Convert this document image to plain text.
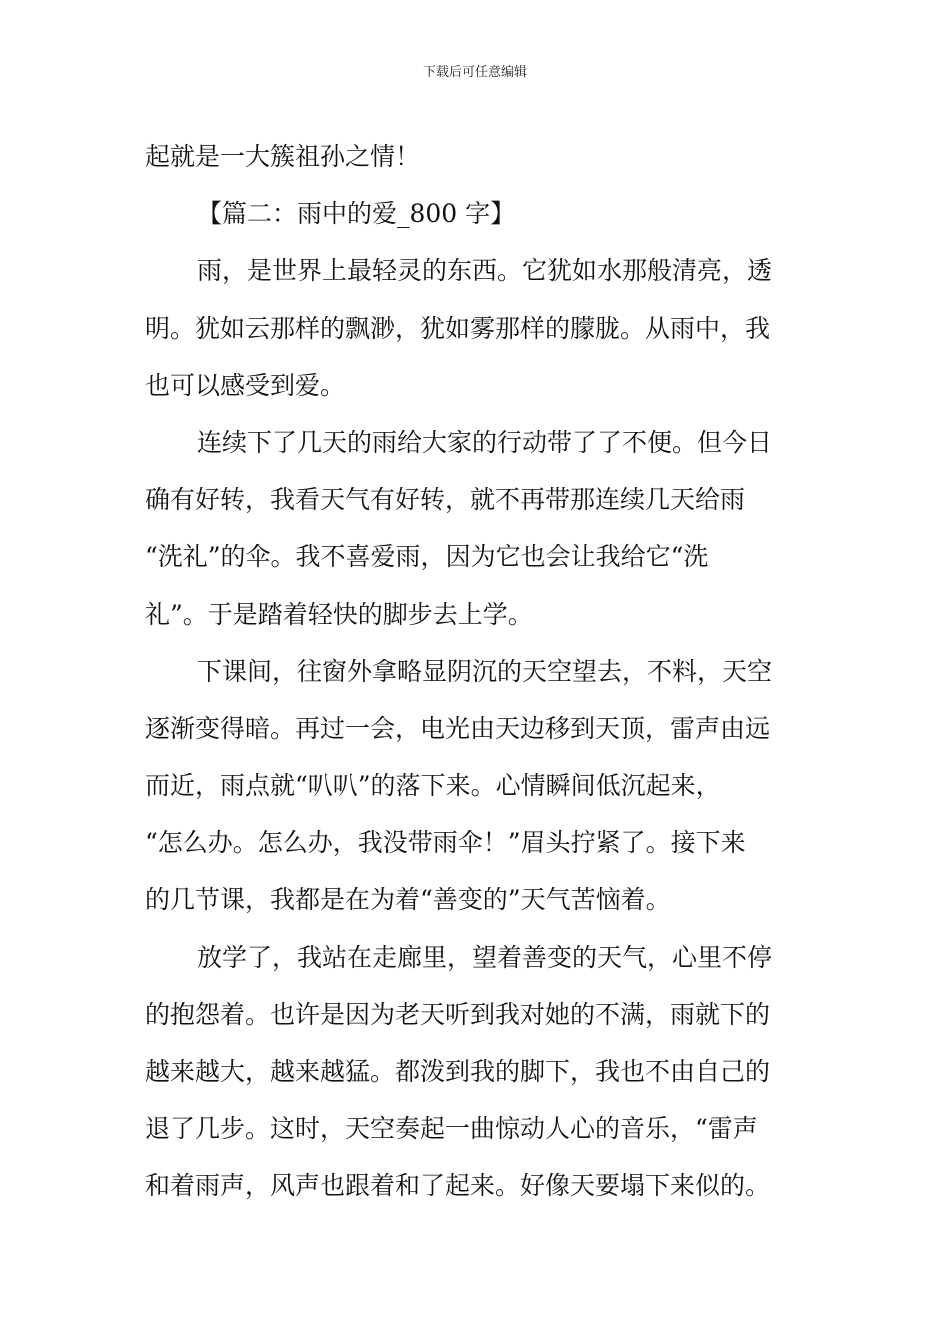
下载后可任意编辑
起就是一大簇祖孙之情！
【篇二：雨中的爱_800 字】
雨，是世界上最轻灵的东西。它犹如水那般清亮，透
明。犹如云那样的飘渺，犹如雾那样的朦胧。从雨中，我
也可以感受到爱。
连续下了几天的雨给大家的行动带了了不便。但今日
确有好转，我看天气有好转，就不再带那连续几天给雨
“洗礼”的伞。我不喜爱雨，因为它也会让我给它“洗
礼”。于是踏着轻快的脚步去上学。
下课间，往窗外拿略显阴沉的天空望去，不料，天空
逐渐变得暗。再过一会，电光由天边移到天顶，雷声由远
而近，雨点就“叭叭”的落下来。心情瞬间低沉起来，
“怎么办。怎么办，我没带雨伞！”眉头拧紧了。接下来
的几节课，我都是在为着“善变的”天气苦恼着。
放学了，我站在走廊里，望着善变的天气，心里不停
的抱怨着。也许是因为老天听到我对她的不满，雨就下的
越来越大，越来越猛。都泼到我的脚下，我也不由自己的
退了几步。这时，天空奏起一曲惊动人心的音乐，“雷声
和着雨声，风声也跟着和了起来。好像天要塌下来似的。
